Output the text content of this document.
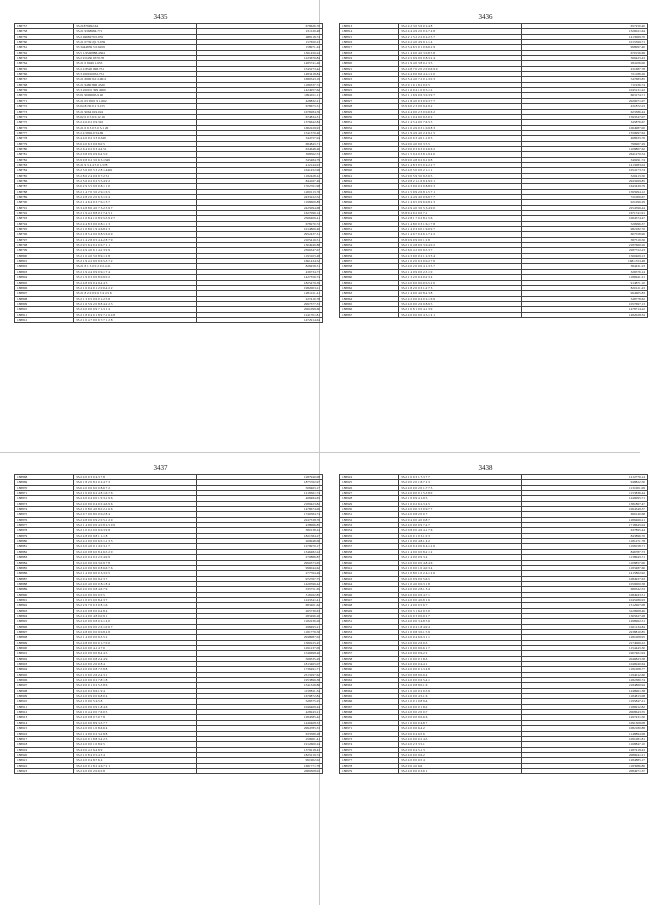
3435
188757	35.21879492.64	678626.70
188758	35.21 9368984.771	231129.48
188759	35.2 4968279 0.955	488118.74
188760	35 21 0739 2(1 5.059	157650.23
188761	35 3444859 5 0.9459	158971.24
188762	35.5 1.9540888.4564	1361456.24
188763	35.2 9 0450 0379.78	1223676.84
188764	35 21 0 6049 1.653	1485741.46
188765	35 2 4 8520 098.751	1545273.42
188766	35 3 450010032.751	1483418.84
188767	35 21 6900 9.0 2.9611	1680543.19
188768	35 21 9480 896 4520	1186337.74
188769	35 3 4500 0 399 4960	1424957.62
188770	35 01 9090695.9 40	1094011.11
188771	35 21 03 0501 9 1.662	428832.21
188772	35 04 8130 0 2 3.155	678673.31
188773	35 21 9064 619.024	1678284.59
188774	35 02 0 0 5 6 0.12 16	674834.31
188775	35 2 4 0.9 2 0 9.322	1376642.84
188776	35 21 0 9 3 0 5 0 5.1 26	1682229.93
188777	35 2 4 5902.0 54.69	1541370.40
188778	35 4 4 0 9 2 3 3 9.349	344757.04
188779	35 0 4 0 6 3 0 6 8.0 5	684843.71
188780	35 2 6 4 0 2 0 3 4.4 51	634648.46
188781	35 2 0 8 0 9 0 9 6.4 5 0	398562.53
188782	35 9 9 8 0 2 3 0 6 5.1349	345484.79
188783	35 21 9 3 4 4 5 0 1.578	412144.03
188784	35 2 5 6 9 0 5 3 2 8 1.4491	1641452.96
188785	35 2 8 6 2 4 0 6 9 7.2 51	1182428.22
188786	35 2 5 6 0 2 0 2 5 5.4 9 2	844167.49
188787	35 0 2 9 5 5 0 0 0 8.1 1 0	1702761.98
188788	35 2 1 4 7 0 3 0 2 9.1 6 5	1200113.76
188789	35 2 4 8 2 0 2 0 6 3.1 0 4	2433222.52
188790	35 2 1 4 6 4 0 3 7 0.1 3 7	1198609.89
188791	35 3 4 8 8 0 4 0 7 3.2 3 9 7	2425094.68
188792	35 2 1 9 4 2 8 8 0 2 7.4 5 1	1627096.14
188793	35 2 1 0 8 4 1 0 8 9 5.3 9 2 7	2366406.41
188794	35 2 4 4 8 3 0 0 0 8.1 1 3	678270.72
188795	35 2 1 0 8 6 1 9 4 6.8 2 3	1014806.40
188796	35 2 1 8 5 4 0 0 9 8.5 6 6 9	2952437.31
188797	35 2 1 4 2 8 0 5 4 4.2 8 7 9	2105416.51
188798	35 2 9 5 6 4 0 2 0 0.7 1 1	1304940.88
188799	35 2 4 9 4 0 6 1 4.2 3 9 9	2399347.67
188800	35 2 1 0 4 0 5 0 8 9.1 2 8	1193103.48
188801	35 2 1 9 4 2 9 0 9 6 5.3 7 2	1661434.52
188802	35.21 8 1 3 0 0 2 0 2.4 21	828458.31
188803	35 2 1 9 4 4 0 9 0 9.1 7 4	436734.73
188804	35 2 1 9 0 3 0 0 8 0.9 0 2	1427356.74
188805	35 2 4 8 0 9 0 4 9.4 4 5	1825479.39
188806	35 2 1 0 9 4 0 1 2 0 0.4 2 2	1982003.21
188807	35 21 8 2 0 0 9 6 7.4 4 5 6	1281411.41
188808	35 2 1 3 0 5 0 6 0 1.2 5 8	227410.78
188809	35 2 1 6 5 9 2 0 8 8 4.2 2 3	2997377.33
188810	35 2 4 0 0 0 0 9 7 1.3 1 4	2061096.60
188811	35 2 1 8 9 4 0 1 8 9 7.1 6 4 8	1241701.81
188812	35 2 1 0 4 7 9 0 6 7.7 1 2 8	1472914.64
3436
188813	35.2 4 2 3 0 5 6 0 2.4 8	657250.40
188814	35.2 4 4 4 9 2 0 0 2.7 4 8	1326021.64
188815	35.2 2 1 5 2 2 2 0 2.2 5 7	1413069.70
188816	35.2 4 2 4 0 4 9 9 1.1 4	1015399.71
188817	35 2 5 4 6 5 0 1 0 6.6 2 9	998097.40
188818	35.2 1 4 0 0 4 0 3 0.8 5 8	670156.69
188819	35.2 4 5 9 9 9 0 0 8.3 2 4	366423.43
188820	35 2 1 9 4 0 3 8 0.1 3 5	284106.06
188821	35.2 4 8 7 0 2 0 2 0 0.6 9 0	431687.78
188822	35.2 4 4 0 0 9 6 4 2.1 2 0	721186.26
188823	35.2 5 4 4 0 7 2 0 1.3 0 3	547683.85
188824	35 2 0 1 9 1 8 2 0 0 5	711936.74
188825	35.2 1 6 0 4 1 0 9 5.1 2	1045131.22
188826	35.2 1 1 6 9 0 6 3 0.3 9 7	663174.71
188827	35.2 1 8 4 0 0 3 0 0.3 7 7	2020071.07
188828	35 9 6 0 2 3 0 0 9.4 9 2	431872.23
188829	35.2 4 4 0 0 2 3 0 0.6 6 2	623386.44
188830	35.2 4 1 0 4 0 0 9.3 0 2	1593547.07
188831	35.2 1 4 5 4 0 0 7.6 5 5	345876.67
188832	35.2 1 0 4 9 0 3 1 0.9 8 3	1064987.00
188833	35.2 1 9 4 9 4 0 2 4 9.1 5	1359997.64
188834	35.2 4 0 0 3 4 0 1.1 0 5	468633.76
188835	35.4 0 0 4 0 0 0 3 5 5	796967.29
188836	35.2 9 0 9 3 6 3 0 2.6 6 2	1108807.62
188837	35.2 1 5 9 4 0 3 8 1.9 4 0	2641270.54
188838	35 8 9 0 4 8 9 2 9.1 6 8	349291.74
188839	35.2 1 4 8 3 0 5 0 2.2 2 7	1413083.04
188840	35.2 4 0 5 0 0 0 2 1.1 1	1054173.74
188841	35.2 9 0 5 9 3 0 9.3 6 5	320413.50
188842	35.2 0 8 2 1.1 6 9 4 9 0 1	2943269.85
188843	35.2 4 3 9 6 0 2 0 8.8 0 3	1643439.79
188844	35 2 1 5 9 9 2 6 8 1.5 7 1	1595994.12
188845	35.2 1 4 4 9 4 0 0 6.9 7 7	721009.67
188846	35.2 1 4 9 5 0 9 6 0.8 2 3	921099.29
188847	35.2 4 9 4 0 3 0 5 3.4 9 0	2254596.44
188848	35 8 9 4 0 2 0 0 7.1	1671741.91
188849	35.2 2 8 1 7 0 2 8.1 5 6	1064574.47
188850	35.2 1 4 8 0 0 3 1 6.1 7 8	520996.37
188851	35.2 1 4 0 3 0 0 1 9.0 9 7	982182.70
188852	35.2 1 4 0 7 0 4 6 1.7 2 2	607558.96
188853	35 8 0 9 0 9 0 0 1 2 8	387519.56
188854	35.2 1 0 4 8 0 0 3 0.4 0 2	2187660.26
188855	35.2 6 0 4 2 0 0 9.3 3 7	2287722.23
188856	35.2 4 3 9 0 0 2 1 2.3 3 4	1560469.13
188857	35.2 1 0 2 0 0 2 0 0.2 7 6	1681.553.48
188858	35.2 4 0 2 0 0 0 4 1.3 5 7	384431.23
188859	35.2 1 4 0 9 0 0 2.3 1 0	326576.14
188860	35.2 1 3 2 0 0 4 0.2 3 4	1186941.21
188861	35.2 4 0 0 0 9 0.0 0.5 2 6	914871.10
188862	35.2 1 8 2 0 0 3 1.2 7 3	820121.43
188863	35.2 1 4 0 0 4 0 8.4 3 8	964605.83
188864	35.2 4 2 0 0 9 4 0 2.1 6 9	348778.62
188865	35.2 4 0 0 0 2 6 9 8.9 5	1057697.13
188866	35.2 1 0 8 1 0 0 4.1 3 9	1478714.22
188867	35.2 4 0 0 0 0 0 4 5.1 4 1	1482028.34
3437
188868	35.2 4 0 0 3 0 4.3 7 8	1287940.08
188869	35.6 1 8 2 0 8 2 0 2.4 7 3	1875762.97
188870	35.0 4 0 0 0 6 0 0 8.6 7 2	508463.17
188871	35.2 1 0 0 0 6 2 4 8 1.6 7 6	1218361.74
188872	35.2 4 0 0 4 0 0 1 9 3.1 9 6	468484.65
188873	35.2 4 0 9 0 0 4 0 0 4.6 9 6	2189423.82
188874	35.2 1 0 8 0 4 0 8 0 2.1 6 6	1478674.00
188875	35.2 0 7 0 0 8 0 0 0.2 8 4	1740584.74
188876	35.2 4 8 0 0 0 9 2 0 5.1 2 0	2247538.70
188877	35.2 1 4 9 0 0 0 4 0 8 2.5 0 9	438966.85
188878	35.2 1 0 0 2 0 0 9 0.3 9 8	380138.24
188879	35.2 4 8 0 0 9 8 1 1.1 8	1821584.27
188880	35.2 4 2 0 0 0 0 6 0 1.1 3 3	269948.00
188881	35.2 4 0 4 0 0 1 4 0 3.1 7	1279970.17
188882	35.2 4 0 0 8 6 0 8 4 6.5 2 0	1346482.22
188883	35.2 4 0 0 4 0 2 2 0 4.9 9	270886.87
188884	35.2 4 0 0 0 0 6 3.0 9 7 8	2990373.65
188885	35.2 4 0 0 0 8 0 0 8 6.6 7 6	996044.62
188886	35.2 1 4 0 0 9 0 0 3.3 0 5	277764.49
188887	35.2 0 4 0 0 9 0 9.2 3 7	972767.75
188888	35.2 4 0 4 0 0 0 0 8.1 8 4	1420596.42
188889	35.0 4 0 0 0 0 8 4.6 7 9	335751.65
188890	35.2 4 0 0 0 9 0 0 0 5	318162.85
188891	35.2 1 0 0 5 0 0 8.4 3 7	1243341.41
188892	35.2 2 9 7 0 0 3 0 8 1.6	683401.62
188893	35 2 4 0 0 8 0 0 0.4 8 4	265739.63
188894	35.2 4 4 0 0 4 8 0.0 9 1	283496.20
188895	35.2 4 0 0 0 0 8 0 2.1 4 0	1182236.26
188896	35.2 4 0 0 9 0 0 2 6 1.0 6 7	298493.21
188897	35.2 4 8 0 0 0 0 9 0.8 4 8	1181779.50
188898	35.2 1 4 0 0 0 0 9.3 5 2	2948987.02
188899	35.2 4 8 0 0 0 0 0 1.7 0 0	1580225.45
188900	35.2 4 0 0 0 4.1 4 7 0	1291237.09
188901	35.2 4 0 0 0 0 0 8.4 4 5	1546698.40
188902	35.2 4 0 0 0 0 8 2.4 4 9	568335.29
188903	35.2 4 0 0 0 2 0 0 8 4	1813465.07
188904	35.2 4 0 0 0 0 8 7.5 8 8	1736491.71
188905	35.2 1 0 0 0 2 6 2.4 3 1	2313297.62
188906	35.2 4 0 0 0 0 2 7.8 1 8	1953896.38
188907	35.2 0 0 0 1 0 2 5.3 8 6	1341326.86
188908	35.2 4 0 0 2 9 6.1 9 4	1158811.34
188909	35.2 4 0 0 9 0 0 6.8 0 4	1679872.84
188910	35.2 1 0 0 0 5 4.5 8	528375.25
188911	35.2 4 0 0 0 0 9 1.8 4 6	1049469.44
188912	35.6 1 0 4 4 0 0 7.6 0 5	428243.21
188913	35.2 4 0 0 8 0 7.0 7 8	1284585.42
188914	35.2 4 0 0 0 8 9 3.3 7 7	1440408.33
188915	35.2 4 0 0 0 1 0 8.6 6 4	2994785.33
188916	35.2 1 4 0 0 0 2 3.2 8 8	633589.28
188917	35.2 4 0 0 1 8 8 3.4 2 5	259901.41
188918	35.2 4 0 0 0 1 0 8.9 5	1912600.24
188919	35.4 0 0 4 2 6.4 8 9	1379218.43
188920	35.2 1 0 8 4 0 5.4 3 4	1825219.74
188921	35.2 4 0 0 4 8.7 6 4	991902.02
188922	35.2 4 0 0 1 8 2 4 6.7 2 1	1681771.78
188923	35.2 4 0 0 0 2 0.6 0 8	2689308.02
3438
188924	35.2 1 0 0 3 1 7.3 7 7	1212776.14
188925	35.2 0 0 2 0 1 8.7 2 3	948822.50
188926	35.2 4 0 0 0 2 0 1.7 7 3	1131001.09
188927	35.2 4 0 0 0 0 1 5.3 8 0	1153836.44
188928	35.2 1 0 0 9 4 1.9 5	1249095.71
188929	35.2 1 0 0 2 6 2.3 4 5	1381867.47
188930	35.2 4 0 0 0 3 3 0 9.7 7	1064349.37
188931	35.2 4 0 0 8 2 0 0 7	699140.68
188932	35.2 0 4 0 0 4 0 0.8 7	1289466.21
188933	35.2 4 0 9 0 0 9 7.4 7	1718645.04
188934	35.2 0 8 0 0 4 6 4.1 7 6	637895.44
188935	35.2 4 0 0 1 0 3.1 0 3	843896.76
188936	35.2 1 0 0 0 4 8.1 4 2	1181271.78
188937	35.2 4 0 0 4 0 0 6 4.1 2 6	1198158.71
188938	35.2 1 4 0 0 0 0 8.2 1 2	846787.73
188939	35.2 1 4 0 0 0 9 3 4	1138943.71
188940	35.2 4 0 0 0 0 0 4.8 4 6	1108857.06
188941	35.2 1 0 0 0 1 0 4.0 3 4	1183487.66
188942	35.2 1 0 8 0 1 0 2 4.1 2 6	1415862.92
188943	35.0 4 0 0 9 0 0 5.6 5	1084937.63
188944	35.2 1 0 4 0 0 0.3 1 8	1059000.58
188945	35.2 4 0 0 0 2 8.1 3 4	689342.53
188946	35.0 4 0 0 0 0 6 4.7 1	1084943.51
188947	35.2 4 0 0 0 4 0.8 1 6	1045286.93
188948	35.2 1 4 0 0 0 5 6 7	1312967.08
188949	35.2 0 0 3 1 6.2 9 5 0	3129908.46
188950	35.2 4 0 0 3 0 0.9 2 7	1365627.28
188951	35.2 4 0 0 0 3 4.8 5 6	1298962.51
188952	35.2 1 0 0 4 1 8 4.9 4	1021134.84
188953	35.2 1 0 0 8 3 0.1 5 9	2238810.85
188954	35.2 4 0 0 4 6 6.3 1 1	1281008.95
188955	35.2 4 0 0 0 2 6 0.3	2174066.22
188956	35.2 1 0 0 0 9 0.6 1 7	1154443.30
188957	35.2 4 0 0 0 0 9.2 2	1907461.94
188958	35.2 1 0 0 0 0 1 8.3	2046823.58
188959	35.2 4 0 0 0 0 4.4 1	1046940.64
188960	35.2 4 0 0 0 0 1.3 4 8	1181008.77
188961	35.2 0 0 9 8 9 0.9 4	1194012.60
188962	35.2 4 0 0 0 0 6 5.4 1	1282380.74
188963	35.2 4 0 0 8 8 0.1 6	2184860.94
188964	35.2 1 0 4 0 0 2 0.5 9	1248961.38
188965	35.2 4 0 0 0 4 5.1 6	1184813.08
188966	35.2 1 0 0 1 0 8 9.4	1195847.21
188967	35.2 4 0 0 0 0 1 8.2	1186912.82
188968	35.2 4 0 0 0 2 0 0.7	2068643.55
188969	35.2 0 0 0 0 9 0.6 6	1297431.50
188970	35.2 1 0 0 0 0 4.8 7	1091308.08
188971	35.2 4 0 0 0 6.4 2	1082180.88
188972	35.2 0 0 0 4 0.5 6	1148894.08
188973	35.2 4 0 0 0 0 2 4.5	1091081.81
188974	35.2 4 0 2 3 3 5.1	1168847.10
188975	35.2 0 0 0 4 5.1 3	1287418.43
188976	35.2 4 0 0 0 9 6.2	2086941.21
188977	35.2 4 0 0 0 0.5 4	1284885.17
188978	35.2 0 0 4 0 6.6	1183986.86
188979	35.2 4 0 0 0 0 3.6 1	2084971.37
